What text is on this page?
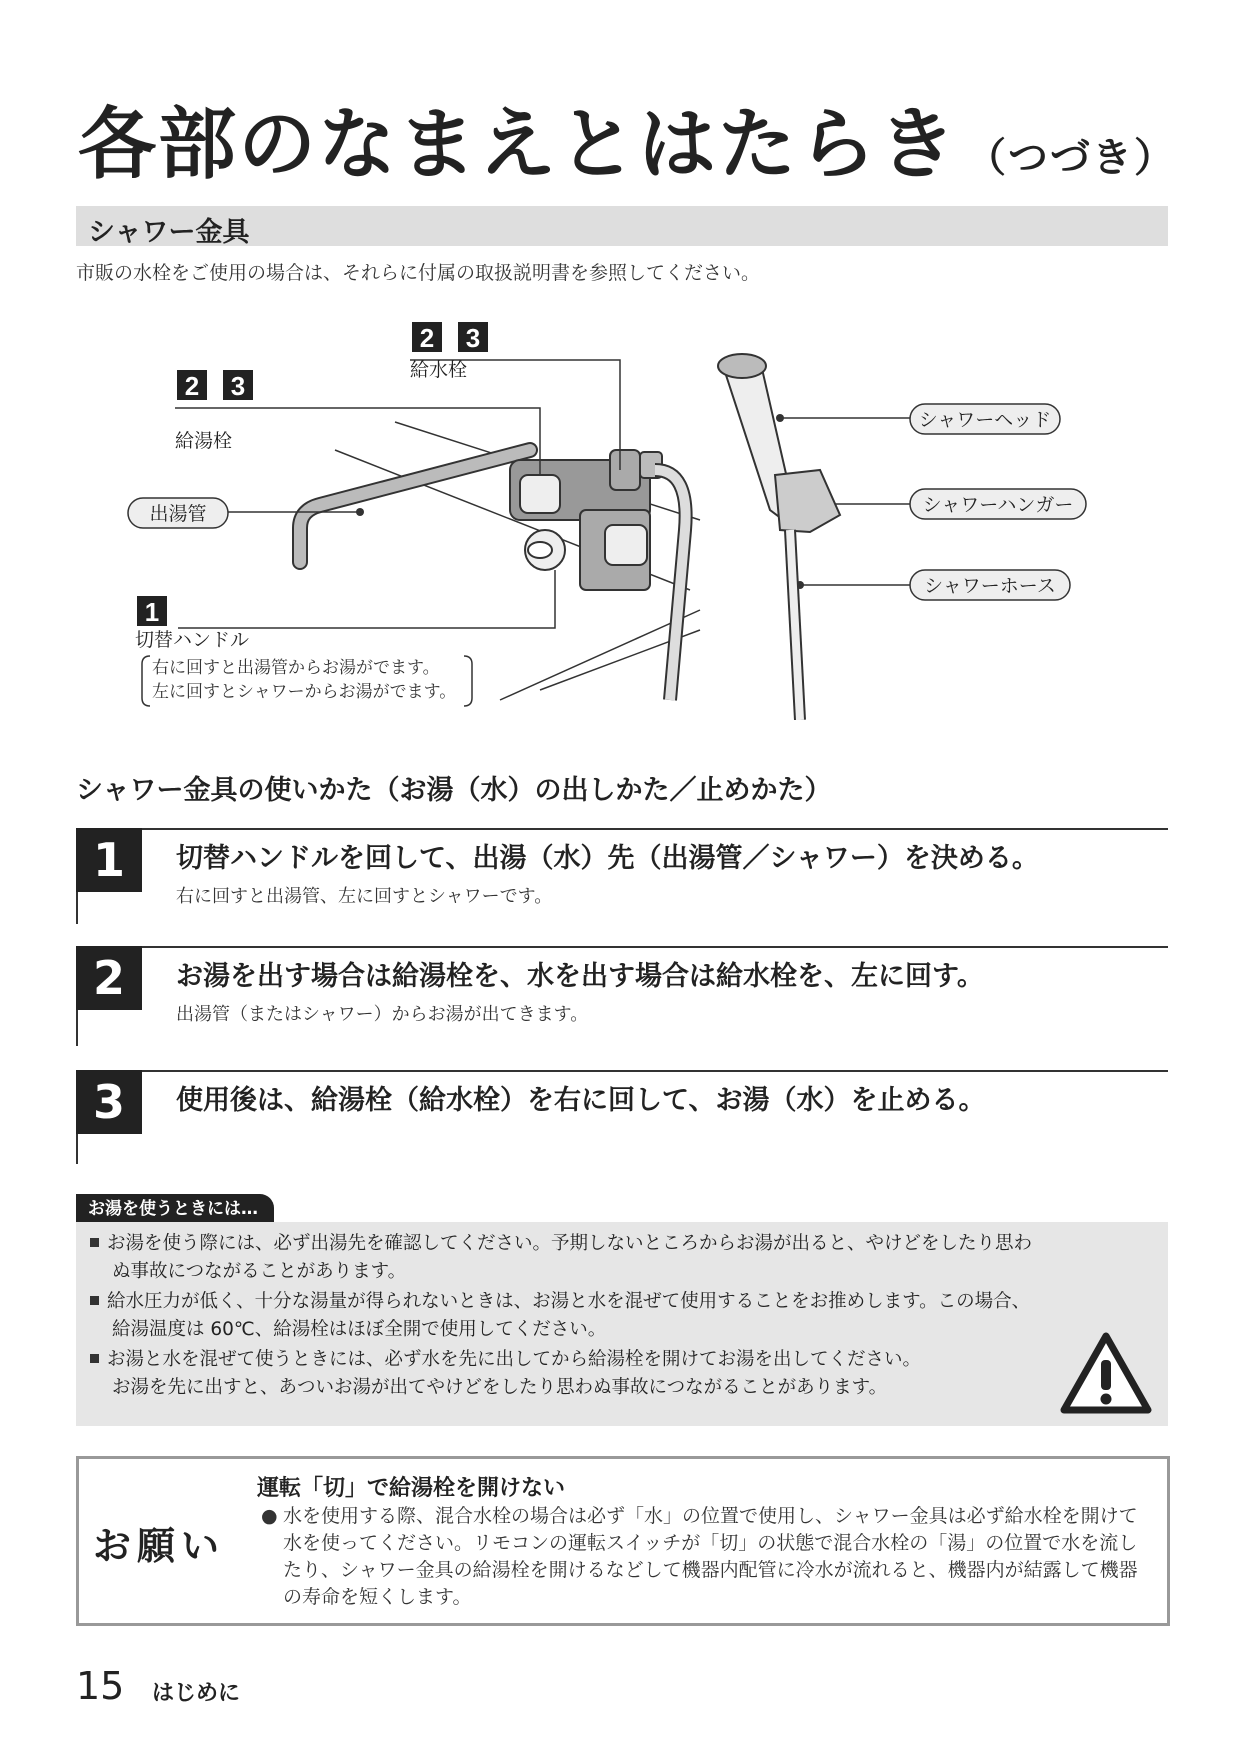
各部のなまえとはたらき （つづき）
シャワー金具
市販の水栓をご使用の場合は、それらに付属の取扱説明書を参照してください。
2 3
給水栓
2 3
給湯栓
出湯管
1
切替ハンドル
右に回すと出湯管からお湯がでます。
左に回すとシャワーからお湯がでます。
シャワーヘッド
シャワーハンガー
シャワーホース
シャワー金具の使いかた（お湯（水）の出しかた／止めかた）
1	切替ハンドルを回して、出湯（水）先（出湯管／シャワー）を決める。
右に回すと出湯管、左に回すとシャワーです。
2	お湯を出す場合は給湯栓を、水を出す場合は給水栓を、左に回す。
出湯管（またはシャワー）からお湯が出てきます。
3	使用後は、給湯栓（給水栓）を右に回して、お湯（水）を止める。
お湯を使うときには…
お湯を使う際には、必ず出湯先を確認してください。予期しないところからお湯が出ると、やけどをしたり思わ
ぬ事故につながることがあります。
給水圧力が低く、十分な湯量が得られないときは、お湯と水を混ぜて使用することをお推めします。この場合、
給湯温度は 60℃、給湯栓はほぼ全開で使用してください。
お湯と水を混ぜて使うときには、必ず水を先に出してから給湯栓を開けてお湯を出してください。
お湯を先に出すと、あついお湯が出てやけどをしたり思わぬ事故につながることがあります。
お願い
運転「切」で給湯栓を開けない
● 水を使用する際、混合水栓の場合は必ず「水」の位置で使用し、シャワー金具は必ず給水栓を開けて水を使ってください。リモコンの運転スイッチが「切」の状態で混合水栓の「湯」の位置で水を流したり、シャワー金具の給湯栓を開けるなどして機器内配管に冷水が流れると、機器内が結露して機器の寿命を短くします。
15 はじめに
